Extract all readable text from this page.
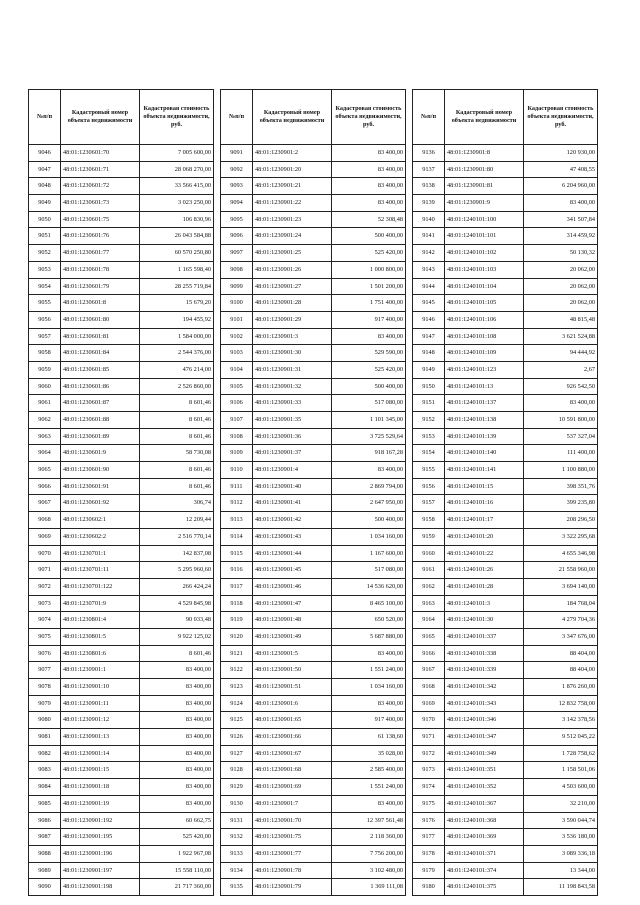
№п/п	Кадастровый номер объекта недвижимости	Кадастровая стоимость объекта недвижимости, руб.
9046	48:01:1230601:70	7 005 600,00
9047	48:01:1230601:71	28 068 270,00
9048	48:01:1230601:72	33 566 415,00
9049	48:01:1230601:73	3 023 250,00
9050	48:01:1230601:75	106 830,96
9051	48:01:1230601:76	26 043 584,88
9052	48:01:1230601:77	60 570 250,80
9053	48:01:1230601:78	1 165 598,40
9054	48:01:1230601:79	28 255 719,84
9055	48:01:1230601:8	15 679,20
9056	48:01:1230601:80	194 455,92
9057	48:01:1230601:81	1 584 000,00
9058	48:01:1230601:84	2 544 376,00
9059	48:01:1230601:85	476 214,00
9060	48:01:1230601:86	2 526 860,00
9061	48:01:1230601:87	8 601,46
9062	48:01:1230601:88	8 601,46
9063	48:01:1230601:89	8 601,46
9064	48:01:1230601:9	58 730,08
9065	48:01:1230601:90	8 601,46
9066	48:01:1230601:91	8 601,46
9067	48:01:1230601:92	306,74
9068	48:01:1230602:1	12 209,44
9069	48:01:1230602:2	2 516 770,14
9070	48:01:1230701:1	142 837,08
9071	48:01:1230701:11	5 295 960,60
9072	48:01:1230701:122	266 424,24
9073	48:01:1230701:9	4 529 845,98
9074	48:01:1230801:4	90 033,48
9075	48:01:1230801:5	9 922 125,02
9076	48:01:1230801:6	8 601,46
9077	48:01:1230901:1	83 400,00
9078	48:01:1230901:10	83 400,00
9079	48:01:1230901:11	83 400,00
9080	48:01:1230901:12	83 400,00
9081	48:01:1230901:13	83 400,00
9082	48:01:1230901:14	83 400,00
9083	48:01:1230901:15	83 400,00
9084	48:01:1230901:18	83 400,00
9085	48:01:1230901:19	83 400,00
9086	48:01:1230901:192	60 662,75
9087	48:01:1230901:195	525 420,00
9088	48:01:1230901:196	1 922 967,08
9089	48:01:1230901:197	15 558 110,00
9090	48:01:1230901:198	21 717 360,00
№п/п	Кадастровый номер объекта недвижимости	Кадастровая стоимость объекта недвижимости, руб.
9091	48:01:1230901:2	83 400,00
9092	48:01:1230901:20	83 400,00
9093	48:01:1230901:21	83 400,00
9094	48:01:1230901:22	83 400,00
9095	48:01:1230901:23	52 308,48
9096	48:01:1230901:24	500 400,00
9097	48:01:1230901:25	525 420,00
9098	48:01:1230901:26	1 000 800,00
9099	48:01:1230901:27	1 501 200,00
9100	48:01:1230901:28	1 751 400,00
9101	48:01:1230901:29	917 400,00
9102	48:01:1230901:3	83 400,00
9103	48:01:1230901:30	529 590,00
9104	48:01:1230901:31	525 420,00
9105	48:01:1230901:32	500 400,00
9106	48:01:1230901:33	517 080,00
9107	48:01:1230901:35	1 101 345,00
9108	48:01:1230901:36	3 725 529,64
9109	48:01:1230901:37	918 167,28
9110	48:01:1230901:4	83 400,00
9111	48:01:1230901:40	2 869 794,00
9112	48:01:1230901:41	2 647 950,00
9113	48:01:1230901:42	500 400,00
9114	48:01:1230901:43	1 034 160,00
9115	48:01:1230901:44	1 167 600,00
9116	48:01:1230901:45	517 080,00
9117	48:01:1230901:46	14 536 620,00
9118	48:01:1230901:47	8 465 100,00
9119	48:01:1230901:48	650 520,00
9120	48:01:1230901:49	5 687 880,00
9121	48:01:1230901:5	83 400,00
9122	48:01:1230901:50	1 551 240,00
9123	48:01:1230901:51	1 034 160,00
9124	48:01:1230901:6	83 400,00
9125	48:01:1230901:65	917 400,00
9126	48:01:1230901:66	61 138,60
9127	48:01:1230901:67	35 028,00
9128	48:01:1230901:68	2 585 400,00
9129	48:01:1230901:69	1 551 240,00
9130	48:01:1230901:7	83 400,00
9131	48:01:1230901:70	12 397 561,48
9132	48:01:1230901:75	2 118 360,00
9133	48:01:1230901:77	7 756 200,00
9134	48:01:1230901:78	3 102 480,00
9135	48:01:1230901:79	1 369 111,08
№п/п	Кадастровый номер объекта недвижимости	Кадастровая стоимость объекта недвижимости, руб.
9136	48:01:1230901:8	120 930,00
9137	48:01:1230901:80	47 408,55
9138	48:01:1230901:81	6 204 960,00
9139	48:01:1230901:9	83 400,00
9140	48:01:1240101:100	341 507,84
9141	48:01:1240101:101	314 459,92
9142	48:01:1240101:102	50 130,32
9143	48:01:1240101:103	20 062,00
9144	48:01:1240101:104	20 062,00
9145	48:01:1240101:105	20 062,00
9146	48:01:1240101:106	48 815,48
9147	48:01:1240101:108	3 621 524,88
9148	48:01:1240101:109	94 444,92
9149	48:01:1240101:123	2,67
9150	48:01:1240101:13	926 542,50
9151	48:01:1240101:137	83 400,00
9152	48:01:1240101:138	10 591 800,00
9153	48:01:1240101:139	537 327,04
9154	48:01:1240101:140	111 400,00
9155	48:01:1240101:141	1 100 880,00
9156	48:01:1240101:15	398 351,76
9157	48:01:1240101:16	399 235,80
9158	48:01:1240101:17	208 296,50
9159	48:01:1240101:20	3 322 295,68
9160	48:01:1240101:22	4 655 346,98
9161	48:01:1240101:26	21 558 960,00
9162	48:01:1240101:28	3 694 140,00
9163	48:01:1240101:3	184 768,04
9164	48:01:1240101:30	4 279 704,36
9165	48:01:1240101:337	3 347 676,00
9166	48:01:1240101:338	88 404,00
9167	48:01:1240101:339	88 404,00
9168	48:01:1240101:342	1 876 260,00
9169	48:01:1240101:343	12 832 758,00
9170	48:01:1240101:346	3 142 378,56
9171	48:01:1240101:347	9 512 045,22
9172	48:01:1240101:349	1 728 758,62
9173	48:01:1240101:351	1 158 501,06
9174	48:01:1240101:352	4 503 600,00
9175	48:01:1240101:367	32 210,00
9176	48:01:1240101:368	3 590 044,74
9177	48:01:1240101:369	3 536 180,00
9178	48:01:1240101:371	3 089 336,18
9179	48:01:1240101:374	13 344,00
9180	48:01:1240101:375	11 198 843,58
